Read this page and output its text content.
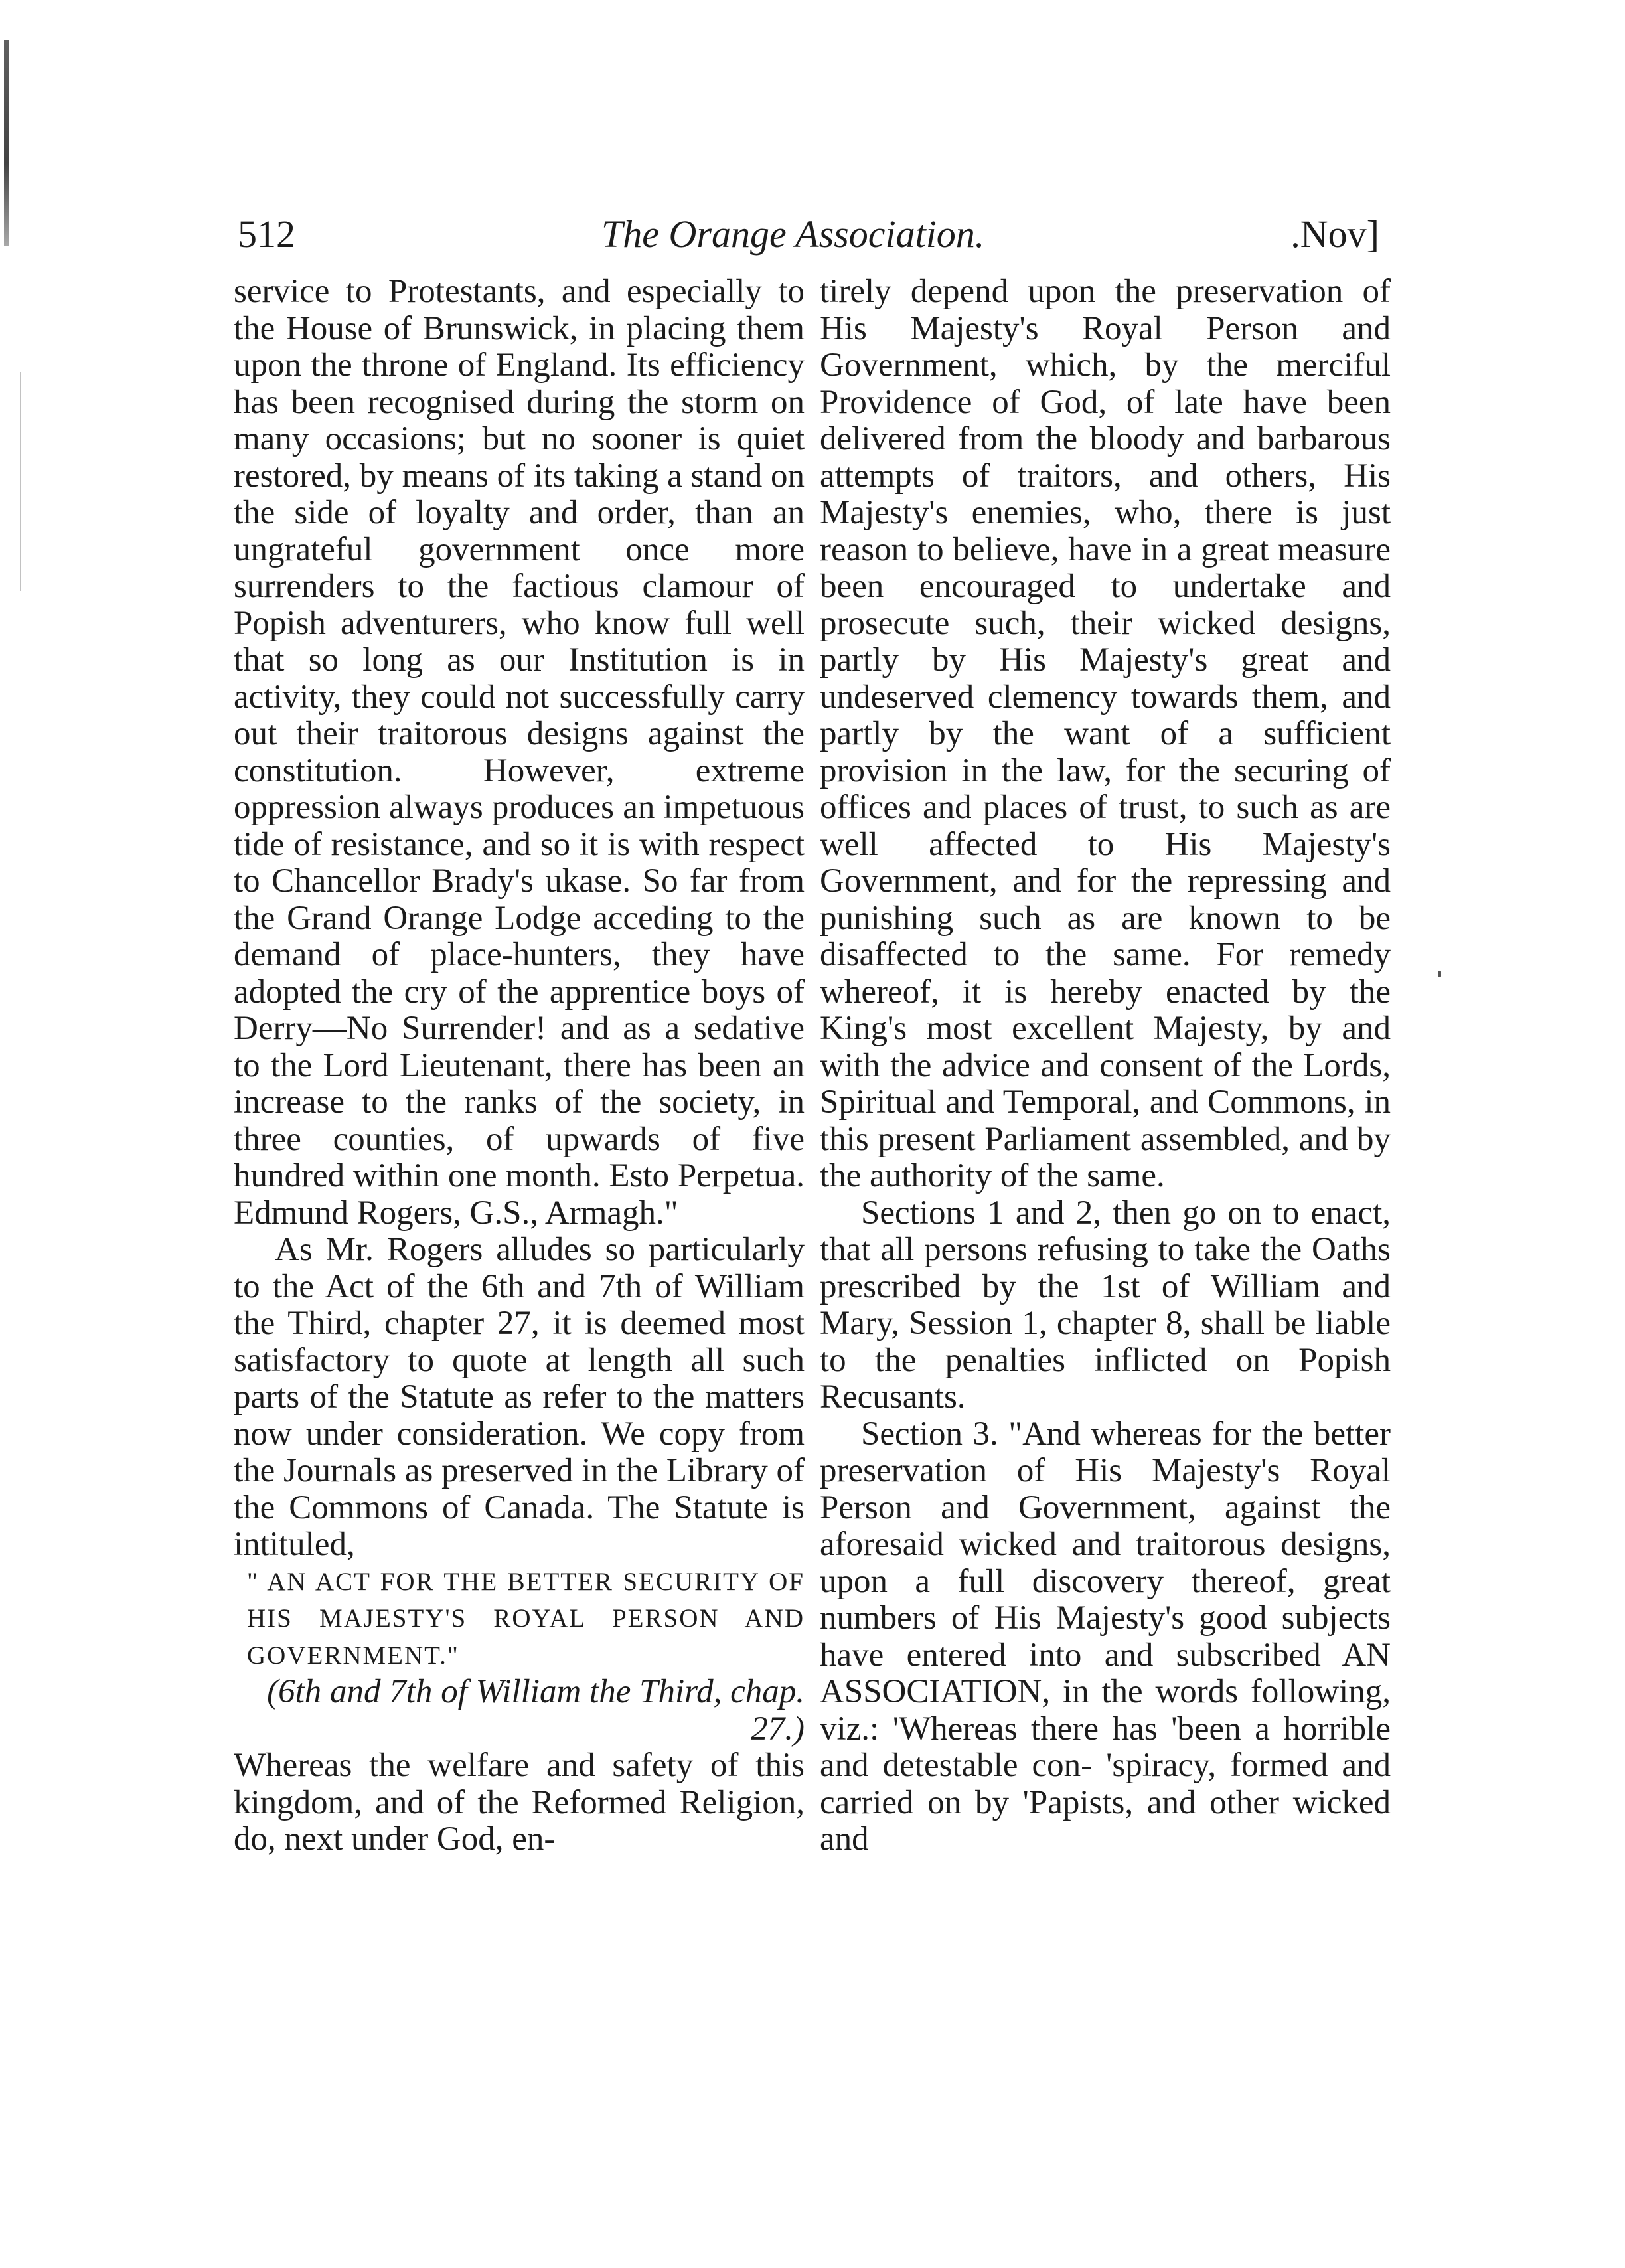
512	The Orange Association.	.Nov]

service to Protestants, and especially to the House of Brunswick, in placing them upon the throne of England. Its efficiency has been recognised during the storm on many occasions; but no sooner is quiet restored, by means of its taking a stand on the side of loyalty and order, than an ungrateful government once more surrenders to the factious clamour of Popish adventurers, who know full well that so long as our Institution is in activity, they could not successfully carry out their traitorous designs against the constitution. However, extreme oppression always produces an impetuous tide of resistance, and so it is with respect to Chancellor Brady's ukase. So far from the Grand Orange Lodge acceding to the demand of place-hunters, they have adopted the cry of the apprentice boys of Derry—No Surrender! and as a sedative to the Lord Lieutenant, there has been an increase to the ranks of the society, in three counties, of upwards of five hundred within one month. Esto Perpetua. Edmund Rogers, G.S., Armagh."

As Mr. Rogers alludes so particularly to the Act of the 6th and 7th of William the Third, chapter 27, it is deemed most satisfactory to quote at length all such parts of the Statute as refer to the matters now under consideration. We copy from the Journals as preserved in the Library of the Commons of Canada. The Statute is intituled,

" AN ACT FOR THE BETTER SECURITY OF HIS MAJESTY'S ROYAL PERSON AND GOVERNMENT."

(6th and 7th of William the Third, chap. 27.)

Whereas the welfare and safety of this kingdom, and of the Reformed Religion, do, next under God, en-

tirely depend upon the preservation of His Majesty's Royal Person and Government, which, by the merciful Providence of God, of late have been delivered from the bloody and barbarous attempts of traitors, and others, His Majesty's enemies, who, there is just reason to believe, have in a great measure been encouraged to undertake and prosecute such, their wicked designs, partly by His Majesty's great and undeserved clemency towards them, and partly by the want of a sufficient provision in the law, for the securing of offices and places of trust, to such as are well affected to His Majesty's Government, and for the repressing and punishing such as are known to be disaffected to the same. For remedy whereof, it is hereby enacted by the King's most excellent Majesty, by and with the advice and consent of the Lords, Spiritual and Temporal, and Commons, in this present Parliament assembled, and by the authority of the same.

Sections 1 and 2, then go on to enact, that all persons refusing to take the Oaths prescribed by the 1st of William and Mary, Session 1, chapter 8, shall be liable to the penalties inflicted on Popish Recusants.

Section 3. "And whereas for the better preservation of His Majesty's Royal Person and Government, against the aforesaid wicked and traitorous designs, upon a full discovery thereof, great numbers of His Majesty's good subjects have entered into and subscribed AN ASSOCIATION, in the words following, viz.: 'Whereas there has 'been a horrible and detestable con- 'spiracy, formed and carried on by 'Papists, and other wicked and
